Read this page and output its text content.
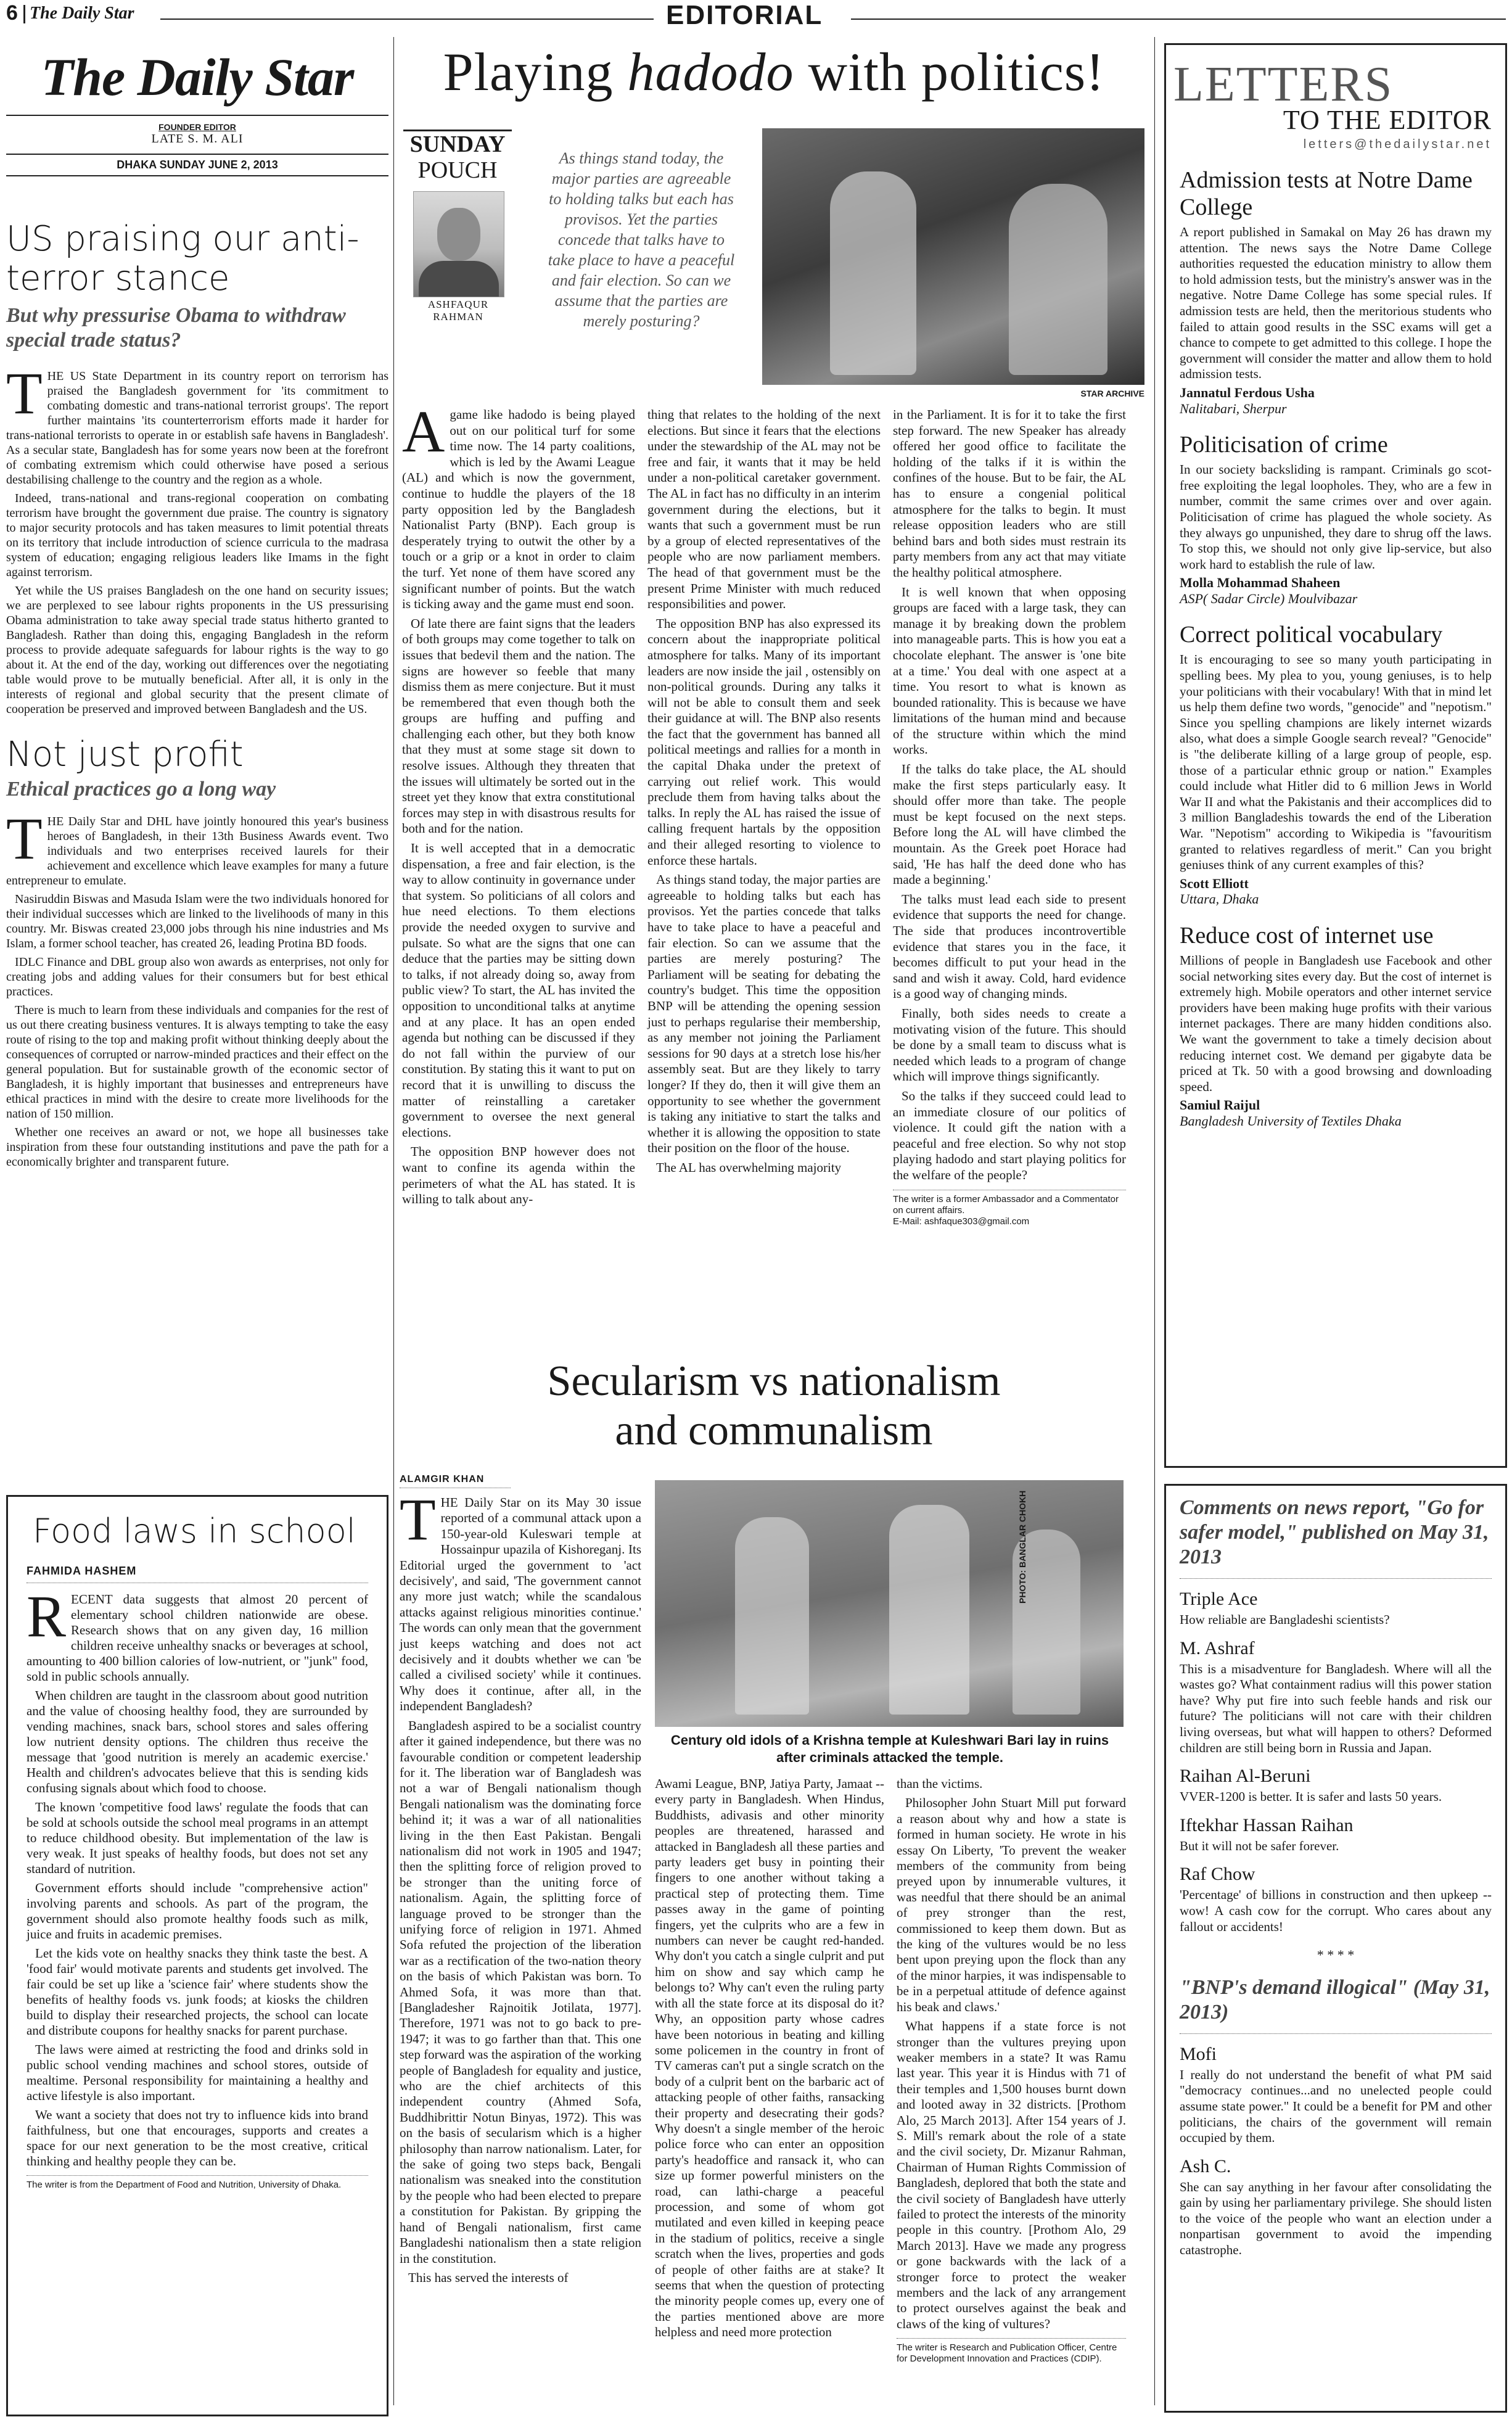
6 The Daily Star	EDITORIAL
The Daily Star
FOUNDER EDITOR
LATE S. M. ALI
DHAKA SUNDAY JUNE 2, 2013
US praising our anti-terror stance
But why pressurise Obama to withdraw special trade status?

THE US State Department in its country report on terrorism has praised the Bangladesh government for 'its commitment to combating domestic and trans-national terrorist groups'. The report further maintains 'its counterterrorism efforts made it harder for trans-national terrorists to operate in or establish safe havens in Bangladesh'. As a secular state, Bangladesh has for some years now been at the forefront of combating extremism which could otherwise have posed a serious destabilising challenge to the country and the region as a whole.

Indeed, trans-national and trans-regional cooperation on combating terrorism have brought the government due praise. The country is signatory to major security protocols and has taken measures to limit potential threats on its territory that include introduction of science curricula to the madrasa system of education; engaging religious leaders like Imams in the fight against terrorism.

Yet while the US praises Bangladesh on the one hand on security issues; we are perplexed to see labour rights proponents in the US pressurising Obama administration to take away special trade status hitherto granted to Bangladesh. Rather than doing this, engaging Bangladesh in the reform process to provide adequate safeguards for labour rights is the way to go about it. At the end of the day, working out differences over the negotiating table would prove to be mutually beneficial. After all, it is only in the interests of regional and global security that the present climate of cooperation be preserved and improved between Bangladesh and the US.

Not just profit
Ethical practices go a long way

THE Daily Star and DHL have jointly honoured this year's business heroes of Bangladesh, in their 13th Business Awards event. Two individuals and two enterprises received laurels for their achievement and excellence which leave examples for many a future entrepreneur to emulate.

Nasiruddin Biswas and Masuda Islam were the two individuals honored for their individual successes which are linked to the livelihoods of many in this country. Mr. Biswas created 23,000 jobs through his nine industries and Ms Islam, a former school teacher, has created 26, leading Protina BD foods.

IDLC Finance and DBL group also won awards as enterprises, not only for creating jobs and adding values for their consumers but for best ethical practices.

There is much to learn from these individuals and companies for the rest of us out there creating business ventures. It is always tempting to take the easy route of rising to the top and making profit without thinking deeply about the consequences of corrupted or narrow-minded practices and their effect on the general population. But for sustainable growth of the economic sector of Bangladesh, it is highly important that businesses and entrepreneurs have ethical practices in mind with the desire to create more livelihoods for the nation of 150 million.

Whether one receives an award or not, we hope all businesses take inspiration from these four outstanding institutions and pave the path for a economically brighter and transparent future.

Food laws in school
FAHMIDA HASHEM

RECENT data suggests that almost 20 percent of elementary school children nationwide are obese. Research shows that on any given day, 16 million children receive unhealthy snacks or beverages at school, amounting to 400 billion calories of low-nutrient, or "junk" food, sold in public schools annually.

When children are taught in the classroom about good nutrition and the value of choosing healthy food, they are surrounded by vending machines, snack bars, school stores and sales offering low nutrient density options. The children thus receive the message that 'good nutrition is merely an academic exercise.' Health and children's advocates believe that this is sending kids confusing signals about which food to choose.

The known 'competitive food laws' regulate the foods that can be sold at schools outside the school meal programs in an attempt to reduce childhood obesity. But implementation of the law is very weak. It just speaks of healthy foods, but does not set any standard of nutrition.

Government efforts should include "comprehensive action" involving parents and schools. As part of the program, the government should also promote healthy foods such as milk, juice and fruits in academic premises.

Let the kids vote on healthy snacks they think taste the best. A 'food fair' would motivate parents and students get involved. The fair could be set up like a 'science fair' where students show the benefits of healthy foods vs. junk foods; at kiosks the children build to display their researched projects, the school can locate and distribute coupons for healthy snacks for parent purchase.

The laws were aimed at restricting the food and drinks sold in public school vending machines and school stores, outside of mealtime. Personal responsibility for maintaining a healthy and active lifestyle is also important.

We want a society that does not try to influence kids into brand faithfulness, but one that encourages, supports and creates a space for our next generation to be the most creative, critical thinking and healthy people they can be.

The writer is from the Department of Food and Nutrition, University of Dhaka.
Playing hadodo with politics!
SUNDAY
POUCH
ASHFAQUR RAHMAN
As things stand today, the major parties are agreeable to holding talks but each has provisos. Yet the parties concede that talks have to take place to have a peaceful and fair election. So can we assume that the parties are merely posturing?
STAR ARCHIVE

Agame like hadodo is being played out on our political turf for some time now. The 14 party coalitions, which is led by the Awami League (AL) and which is now the government, continue to huddle the players of the 18 party opposition led by the Bangladesh Nationalist Party (BNP). Each group is desperately trying to outwit the other by a touch or a grip or a knot in order to claim the turf. Yet none of them have scored any significant number of points. But the watch is ticking away and the game must end soon.

Of late there are faint signs that the leaders of both groups may come together to talk on issues that bedevil them and the nation. The signs are however so feeble that many dismiss them as mere conjecture. But it must be remembered that even though both the groups are huffing and puffing and challenging each other, but they both know that they must at some stage sit down to resolve issues. Although they threaten that the issues will ultimately be sorted out in the street yet they know that extra constitutional forces may step in with disastrous results for both and for the nation.

It is well accepted that in a democratic dispensation, a free and fair election, is the way to allow continuity in governance under that system. So politicians of all colors and hue need elections. To them elections provide the needed oxygen to survive and pulsate. So what are the signs that one can deduce that the parties may be sitting down to talks, if not already doing so, away from public view? To start, the AL has invited the opposition to unconditional talks at anytime and at any place. It has an open ended agenda but nothing can be discussed if they do not fall within the purview of our constitution. By stating this it want to put on record that it is unwilling to discuss the matter of reinstalling a caretaker government to oversee the next general elections.

The opposition BNP however does not want to confine its agenda within the perimeters of what the AL has stated. It is willing to talk about any-

thing that relates to the holding of the next elections. But since it fears that the elections under the stewardship of the AL may not be free and fair, it wants that it may be held under a non-political caretaker government. The AL in fact has no difficulty in an interim government during the elections, but it wants that such a government must be run by a group of elected representatives of the people who are now parliament members. The head of that government must be the present Prime Minister with much reduced responsibilities and power.

The opposition BNP has also expressed its concern about the inappropriate political atmosphere for talks. Many of its important leaders are now inside the jail , ostensibly on non-political grounds. During any talks it will not be able to consult them and seek their guidance at will. The BNP also resents the fact that the government has banned all political meetings and rallies for a month in the capital Dhaka under the pretext of carrying out relief work. This would preclude them from having talks about the talks. In reply the AL has raised the issue of calling frequent hartals by the opposition and their alleged resorting to violence to enforce these hartals.

As things stand today, the major parties are agreeable to holding talks but each has provisos. Yet the parties concede that talks have to take place to have a peaceful and fair election. So can we assume that the parties are merely posturing? The Parliament will be seating for debating the country's budget. This time the opposition BNP will be attending the opening session just to perhaps regularise their membership, as any member not joining the Parliament sessions for 90 days at a stretch lose his/her assembly seat. But are they likely to tarry longer? If they do, then it will give them an opportunity to see whether the government is taking any initiative to start the talks and whether it is allowing the opposition to state their position on the floor of the house.

The AL has overwhelming majority

in the Parliament. It is for it to take the first step forward. The new Speaker has already offered her good office to facilitate the holding of the talks if it is within the confines of the house. But to be fair, the AL has to ensure a congenial political atmosphere for the talks to begin. It must release opposition leaders who are still behind bars and both sides must restrain its party members from any act that may vitiate the healthy political atmosphere.

It is well known that when opposing groups are faced with a large task, they can manage it by breaking down the problem into manageable parts. This is how you eat a chocolate elephant. The answer is 'one bite at a time.' You deal with one aspect at a time. You resort to what is known as bounded rationality. This is because we have limitations of the human mind and because of the structure within which the mind works.

If the talks do take place, the AL should make the first steps particularly easy. It should offer more than take. The people must be kept focused on the next steps. Before long the AL will have climbed the mountain. As the Greek poet Horace had said, 'He has half the deed done who has made a beginning.'

The talks must lead each side to present evidence that supports the need for change. The side that produces incontrovertible evidence that stares you in the face, it becomes difficult to put your head in the sand and wish it away. Cold, hard evidence is a good way of changing minds.

Finally, both sides needs to create a motivating vision of the future. This should be done by a small team to discuss what is needed which leads to a program of change which will improve things significantly.

So the talks if they succeed could lead to an immediate closure of our politics of violence. It could gift the nation with a peaceful and free election. So why not stop playing hadodo and start playing politics for the welfare of the people?

The writer is a former Ambassador and a Commentator on current affairs.
E-Mail: ashfaque303@gmail.com
Secularism vs nationalism
and communalism
ALAMGIR KHAN
PHOTO: BANGLAR CHOKH
Century old idols of a Krishna temple at Kuleshwari Bari lay in ruins after criminals attacked the temple.

THE Daily Star on its May 30 issue reported of a communal attack upon a 150-year-old Kuleswari temple at Hossainpur upazila of Kishoreganj. Its Editorial urged the government to 'act decisively', and said, 'The government cannot any more just watch; while the scandalous attacks against religious minorities continue.' The words can only mean that the government just keeps watching and does not act decisively and it doubts whether we can 'be called a civilised society' while it continues. Why does it continue, after all, in the independent Bangladesh?

Bangladesh aspired to be a socialist country after it gained independence, but there was no favourable condition or competent leadership for it. The liberation war of Bangladesh was not a war of Bengali nationalism though Bengali nationalism was the dominating force behind it; it was a war of all nationalities living in the then East Pakistan. Bengali nationalism did not work in 1905 and 1947; then the splitting force of religion proved to be stronger than the uniting force of nationalism. Again, the splitting force of language proved to be stronger than the unifying force of religion in 1971. Ahmed Sofa refuted the projection of the liberation war as a rectification of the two-nation theory on the basis of which Pakistan was born. To Ahmed Sofa, it was more than that. [Bangladesher Rajnoitik Jotilata, 1977]. Therefore, 1971 was not to go back to pre-1947; it was to go farther than that. This one step forward was the aspiration of the working people of Bangladesh for equality and justice, who are the chief architects of this independent country (Ahmed Sofa, Buddhibrittir Notun Binyas, 1972). This was on the basis of secularism which is a higher philosophy than narrow nationalism. Later, for the sake of going two steps back, Bengali nationalism was sneaked into the constitution by the people who had been elected to prepare a constitution for Pakistan. By gripping the hand of Bengali nationalism, first came Bangladeshi nationalism then a state religion in the constitution.

This has served the interests of

Awami League, BNP, Jatiya Party, Jamaat -- every party in Bangladesh. When Hindus, Buddhists, adivasis and other minority peoples are threatened, harassed and attacked in Bangladesh all these parties and party leaders get busy in pointing their fingers to one another without taking a practical step of protecting them. Time passes away in the game of pointing fingers, yet the culprits who are a few in numbers can never be caught red-handed. Why don't you catch a single culprit and put him on show and say which camp he belongs to? Why can't even the ruling party with all the state force at its disposal do it? Why, an opposition party whose cadres have been notorious in beating and killing some policemen in the country in front of TV cameras can't put a single scratch on the body of a culprit bent on the barbaric act of attacking people of other faiths, ransacking their property and desecrating their gods? Why doesn't a single member of the heroic police force who can enter an opposition party's headoffice and ransack it, who can size up former powerful ministers on the road, can lathi-charge a peaceful procession, and some of whom got mutilated and even killed in keeping peace in the stadium of politics, receive a single scratch when the lives, properties and gods of people of other faiths are at stake? It seems that when the question of protecting the minority people comes up, every one of the parties mentioned above are more helpless and need more protection

than the victims.

Philosopher John Stuart Mill put forward a reason about why and how a state is formed in human society. He wrote in his essay On Liberty, 'To prevent the weaker members of the community from being preyed upon by innumerable vultures, it was needful that there should be an animal of prey stronger than the rest, commissioned to keep them down. But as the king of the vultures would be no less bent upon preying upon the flock than any of the minor harpies, it was indispensable to be in a perpetual attitude of defence against his beak and claws.'

What happens if a state force is not stronger than the vultures preying upon weaker members in a state? It was Ramu last year. This year it is Hindus with 71 of their temples and 1,500 houses burnt down and looted away in 32 districts. [Prothom Alo, 25 March 2013]. After 154 years of J. S. Mill's remark about the role of a state and the civil society, Dr. Mizanur Rahman, Chairman of Human Rights Commission of Bangladesh, deplored that both the state and the civil society of Bangladesh have utterly failed to protect the interests of the minority people in this country. [Prothom Alo, 29 March 2013]. Have we made any progress or gone backwards with the lack of a stronger force to protect the weaker members and the lack of any arrangement to protect ourselves against the beak and claws of the king of vultures?

The writer is Research and Publication Officer, Centre for Development Innovation and Practices (CDIP).
LETTERS
TO THE EDITOR
letters@thedailystar.net
Admission tests at Notre Dame College

A report published in Samakal on May 26 has drawn my attention. The news says the Notre Dame College authorities requested the education ministry to allow them to hold admission tests, but the ministry's answer was in the negative. Notre Dame College has some special rules. If admission tests are held, then the meritorious students who failed to attain good results in the SSC exams will get a chance to compete to get admitted to this college. I hope the government will consider the matter and allow them to hold admission tests.

Jannatul Ferdous Usha
Nalitabari, Sherpur
Politicisation of crime

In our society backsliding is rampant. Criminals go scot-free exploiting the legal loopholes. They, who are a few in number, commit the same crimes over and over again. Politicisation of crime has plagued the whole society. As they always go unpunished, they dare to shrug off the laws. To stop this, we should not only give lip-service, but also work hard to establish the rule of law.

Molla Mohammad Shaheen
ASP( Sadar Circle) Moulvibazar
Correct political vocabulary

It is encouraging to see so many youth participating in spelling bees. My plea to you, young geniuses, is to help your politicians with their vocabulary! With that in mind let us help them define two words, "genocide" and "nepotism." Since you spelling champions are likely internet wizards also, what does a simple Google search reveal? "Genocide" is "the deliberate killing of a large group of people, esp. those of a particular ethnic group or nation." Examples could include what Hitler did to 6 million Jews in World War II and what the Pakistanis and their accomplices did to 3 million Bangladeshis towards the end of the Liberation War. "Nepotism" according to Wikipedia is "favouritism granted to relatives regardless of merit." Can you bright geniuses think of any current examples of this?

Scott Elliott
Uttara, Dhaka
Reduce cost of internet use

Millions of people in Bangladesh use Facebook and other social networking sites every day. But the cost of internet is extremely high. Mobile operators and other internet service providers have been making huge profits with their various internet packages. There are many hidden conditions also. We want the government to take a timely decision about reducing internet cost. We demand per gigabyte data be priced at Tk. 50 with a good browsing and downloading speed.

Samiul Raijul
Bangladesh University of Textiles Dhaka
Comments on news report, "Go for safer model," published on May 31, 2013
Triple Ace

How reliable are Bangladeshi scientists?

M. Ashraf

This is a misadventure for Bangladesh. Where will all the wastes go? What containment radius will this power station have? Why put fire into such feeble hands and risk our future? The politicians will not care with their children living overseas, but what will happen to others? Deformed children are still being born in Russia and Japan.

Raihan Al-Beruni

VVER-1200 is better. It is safer and lasts 50 years.

Iftekhar Hassan Raihan

But it will not be safer forever.

Raf Chow

'Percentage' of billions in construction and then upkeep -- wow! A cash cow for the corrupt. Who cares about any fallout or accidents!

* * * *
"BNP's demand illogical" (May 31, 2013)
Mofi

I really do not understand the benefit of what PM said "democracy continues...and no unelected people could assume state power." It could be a benefit for PM and other politicians, the chairs of the government will remain occupied by them.

Ash C.

She can say anything in her favour after consolidating the gain by using her parliamentary privilege. She should listen to the voice of the people who want an election under a nonpartisan government to avoid the impending catastrophe.
